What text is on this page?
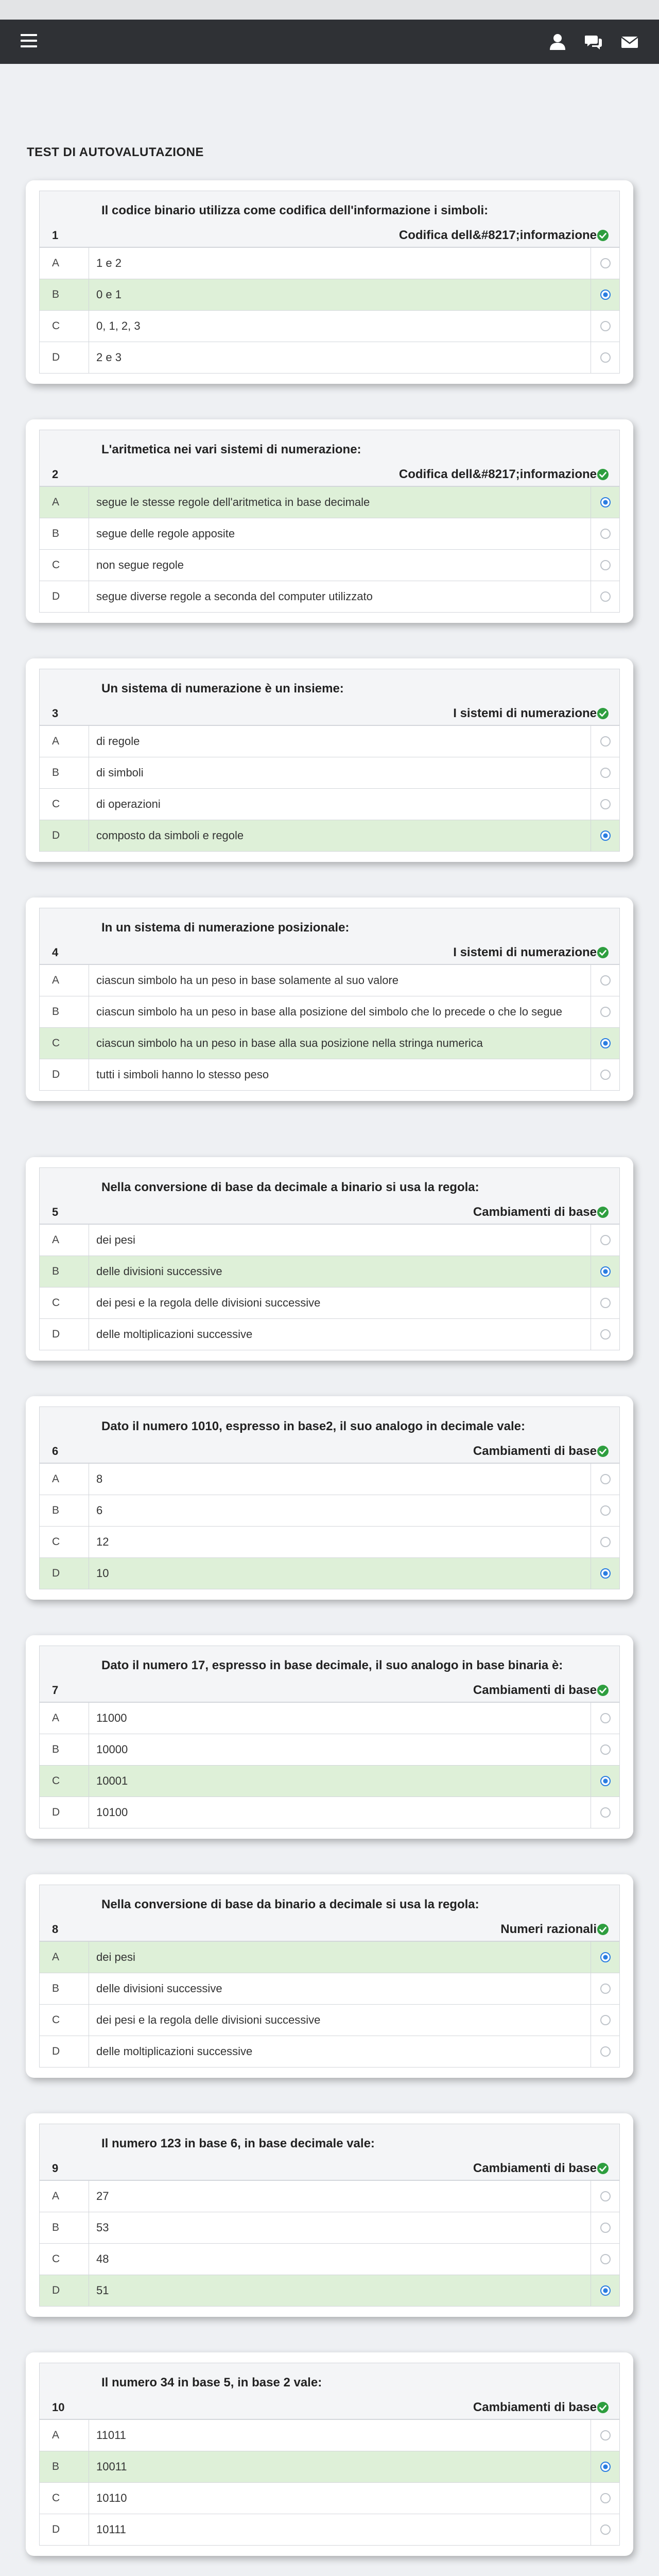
TEST DI AUTOVALUTAZIONE
Il codice binario utilizza come codifica dell'informazione i simboli:
1	Codifica dell&#8217;informazione
A	1 e 2
B	0 e 1
C	0, 1, 2, 3
D	2 e 3
L'aritmetica nei vari sistemi di numerazione:
2	Codifica dell&#8217;informazione
A	segue le stesse regole dell'aritmetica in base decimale
B	segue delle regole apposite
C	non segue regole
D	segue diverse regole a seconda del computer utilizzato
Un sistema di numerazione è un insieme:
3	I sistemi di numerazione
A	di regole
B	di simboli
C	di operazioni
D	composto da simboli e regole
In un sistema di numerazione posizionale:
4	I sistemi di numerazione
A	ciascun simbolo ha un peso in base solamente al suo valore
B	ciascun simbolo ha un peso in base alla posizione del simbolo che lo precede o che lo segue
C	ciascun simbolo ha un peso in base alla sua posizione nella stringa numerica
D	tutti i simboli hanno lo stesso peso
Nella conversione di base da decimale a binario si usa la regola:
5	Cambiamenti di base
A	dei pesi
B	delle divisioni successive
C	dei pesi e la regola delle divisioni successive
D	delle moltiplicazioni successive
Dato il numero 1010, espresso in base2, il suo analogo in decimale vale:
6	Cambiamenti di base
A	8
B	6
C	12
D	10
Dato il numero 17, espresso in base decimale, il suo analogo in base binaria è:
7	Cambiamenti di base
A	11000
B	10000
C	10001
D	10100
Nella conversione di base da binario a decimale si usa la regola:
8	Numeri razionali
A	dei pesi
B	delle divisioni successive
C	dei pesi e la regola delle divisioni successive
D	delle moltiplicazioni successive
Il numero 123 in base 6, in base decimale vale:
9	Cambiamenti di base
A	27
B	53
C	48
D	51
Il numero 34 in base 5, in base 2 vale:
10	Cambiamenti di base
A	11011
B	10011
C	10110
D	10111
